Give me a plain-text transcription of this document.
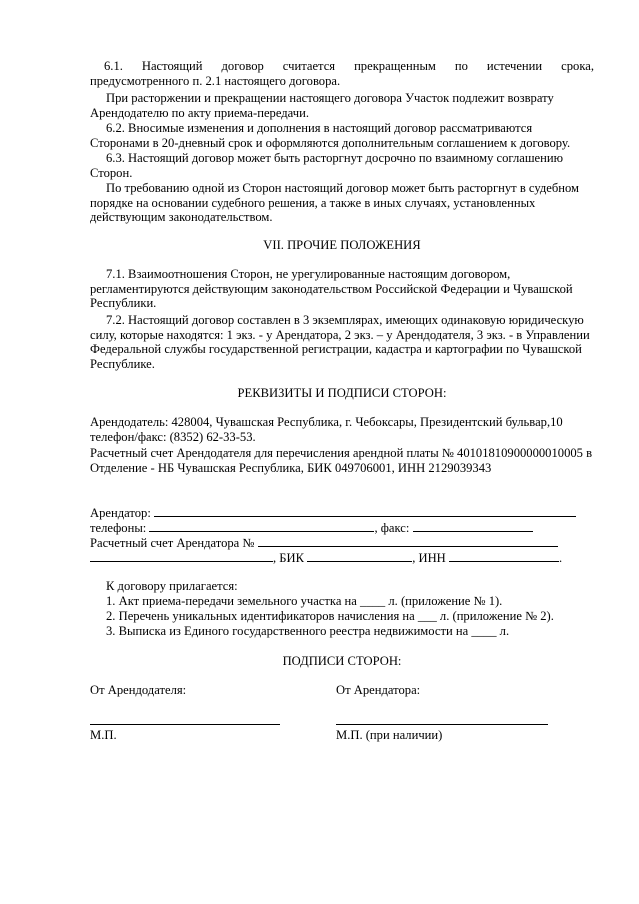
6.1. Настоящий договор считается прекращенным по истечении срока,
предусмотренного п. 2.1 настоящего договора.

При расторжении и прекращении настоящего договора Участок подлежит возврату Арендодателю по акту приема-передачи.

6.2. Вносимые изменения и дополнения в настоящий договор рассматриваются Сторонами в 20-дневный срок и оформляются дополнительным соглашением к договору.

6.3. Настоящий договор может быть расторгнут досрочно по взаимному соглашению Сторон.

По требованию одной из Сторон настоящий договор может быть расторгнут в судебном порядке на основании судебного решения, а также в иных случаях, установленных действующим законодательством.

VII. ПРОЧИЕ ПОЛОЖЕНИЯ

7.1. Взаимоотношения Сторон, не урегулированные настоящим договором, регламентируются действующим законодательством Российской Федерации и Чувашской Республики.

7.2. Настоящий договор составлен в 3 экземплярах, имеющих одинаковую юридическую силу, которые находятся: 1 экз. - у Арендатора, 2 экз. – у Арендодателя, 3 экз. - в Управлении Федеральной службы государственной регистрации, кадастра и картографии по Чувашской Республике.

РЕКВИЗИТЫ И ПОДПИСИ СТОРОН:
Арендодатель: 428004, Чувашская Республика, г. Чебоксары, Президентский бульвар,10
телефон/факс: (8352) 62-33-53.

Расчетный счет Арендодателя для перечисления арендной платы № 40101810900000010005 в Отделение - НБ Чувашская Республика, БИК 049706001, ИНН 2129039343

Арендатор:
телефоны:	, факс:
Расчетный счет Арендатора №
, БИК	, ИНН	.
К договору прилагается:
1. Акт приема-передачи земельного участка на ____ л. (приложение № 1).
2. Перечень уникальных идентификаторов начисления на ___ л. (приложение № 2).
3. Выписка из Единого государственного реестра недвижимости на ____ л.
ПОДПИСИ СТОРОН:
От Арендодателя:	От Арендатора:
М.П.	М.П. (при наличии)
